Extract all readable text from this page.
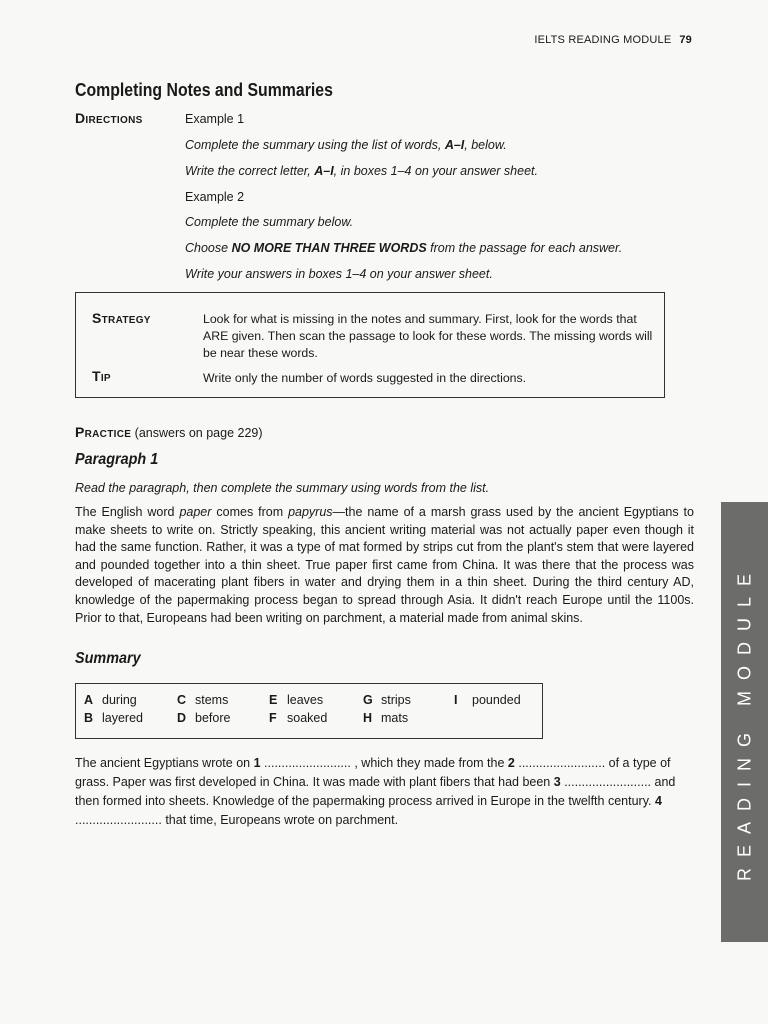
IELTS READING MODULE 79
Completing Notes and Summaries
Directions	Example 1
Complete the summary using the list of words, A–I, below.
Write the correct letter, A–I, in boxes 1–4 on your answer sheet.
Example 2
Complete the summary below.
Choose NO MORE THAN THREE WORDS from the passage for each answer.
Write your answers in boxes 1–4 on your answer sheet.
Strategy	Look for what is missing in the notes and summary. First, look for the words that ARE given. Then scan the passage to look for these words. The missing words will be near these words.
Tip	Write only the number of words suggested in the directions.
Practice (answers on page 229)
Paragraph 1
Read the paragraph, then complete the summary using words from the list.
The English word paper comes from papyrus—the name of a marsh grass used by the ancient Egyptians to make sheets to write on. Strictly speaking, this ancient writing material was not actually paper even though it had the same function. Rather, it was a type of mat formed by strips cut from the plant's stem that were layered and pounded together into a thin sheet. True paper first came from China. It was there that the process was developed of macerating plant fibers in water and drying them in a thin sheet. During the third century AD, knowledge of the papermaking process began to spread through Asia. It didn't reach Europe until the 1100s. Prior to that, Europeans had been writing on parchment, a material made from animal skins.
Summary
A during
B layered
C stems
D before
E leaves
F soaked
G strips
H mats
I pounded
The ancient Egyptians wrote on 1 ......................... , which they made from the 2 ......................... of a type of grass. Paper was first developed in China. It was made with plant fibers that had been 3 ......................... and then formed into sheets. Knowledge of the papermaking process arrived in Europe in the twelfth century. 4 ......................... that time, Europeans wrote on parchment.	READING MODULE
